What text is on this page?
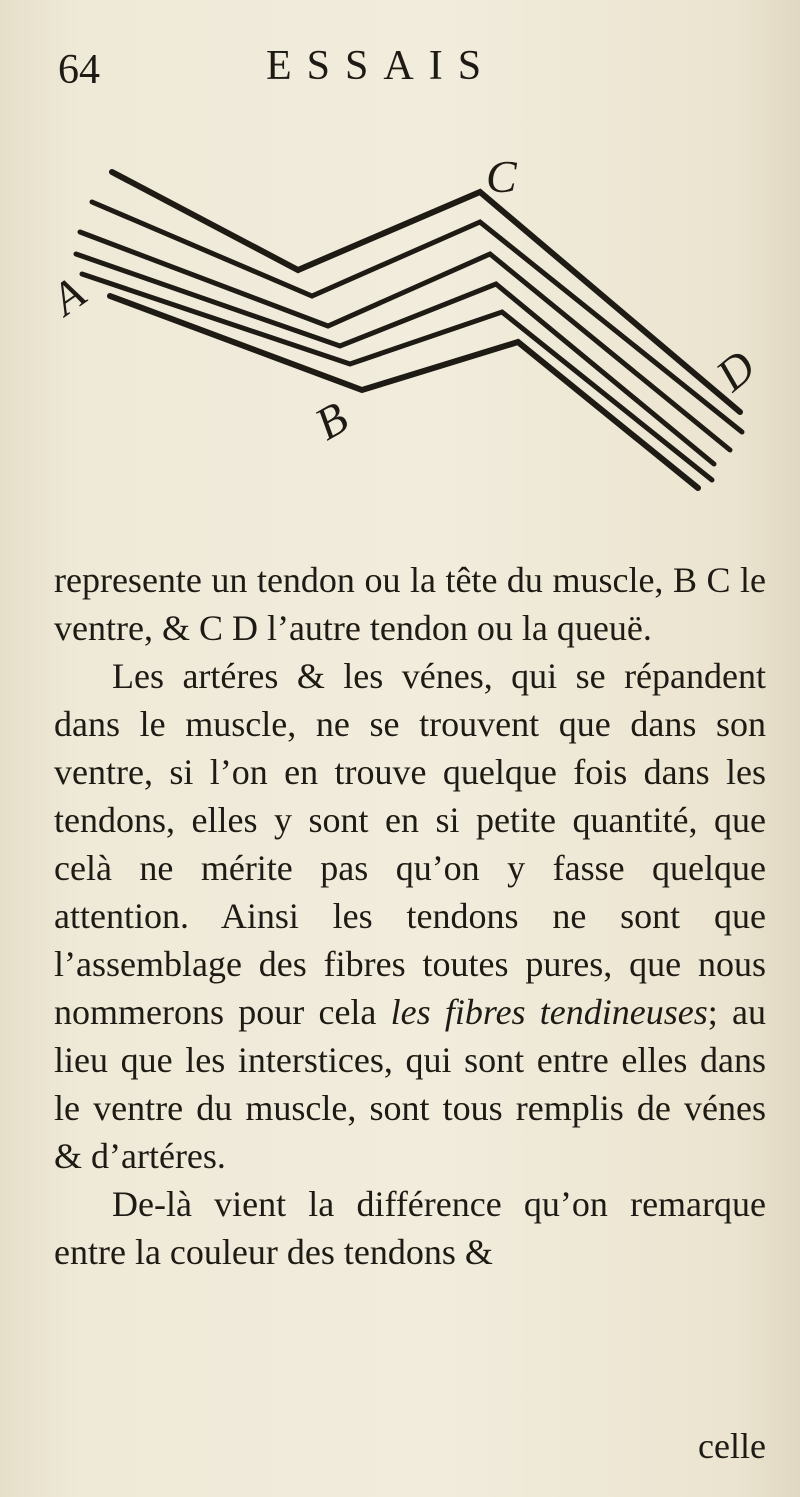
64	ESSAIS
C
A
B
D

represente un tendon ou la tête du muscle, B C le ventre, & C D l’autre tendon ou la queuë.

Les artéres & les vénes, qui se répandent dans le muscle, ne se trouvent que dans son ventre, si l’on en trouve quelque fois dans les tendons, elles y sont en si petite quantité, que celà ne mérite pas qu’on y fasse quelque attention. Ainsi les tendons ne sont que l’assemblage des fibres toutes pures, que nous nommerons pour cela les fibres tendineuses; au lieu que les interstices, qui sont entre elles dans le ventre du muscle, sont tous remplis de vénes & d’artéres.

De-là vient la différence qu’on remarque entre la couleur des tendons &

celle
